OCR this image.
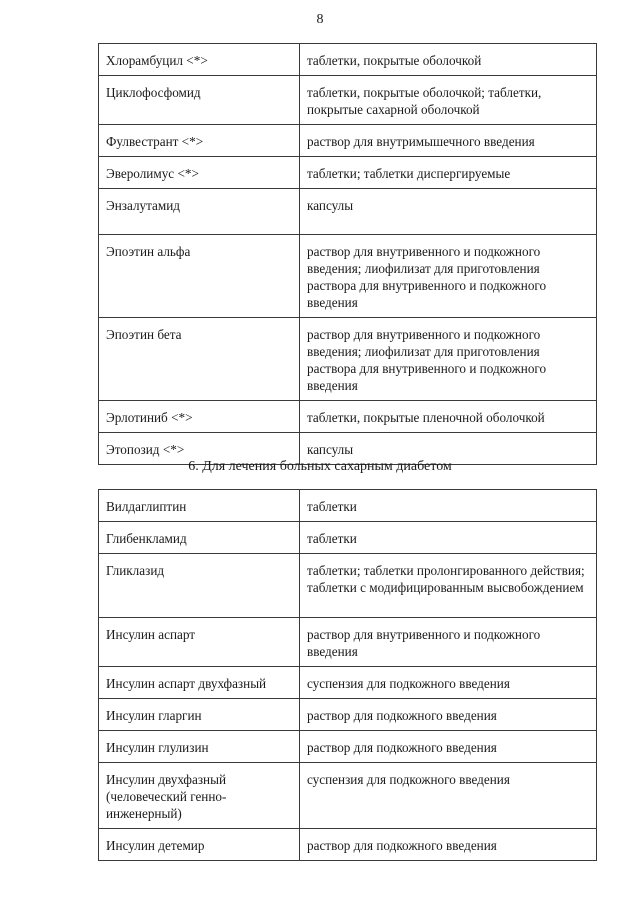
8
Хлорамбуцил <*>	таблетки, покрытые оболочкой
Циклофосфомид	таблетки, покрытые оболочкой; таблетки, покрытые сахарной оболочкой
Фулвестрант <*>	раствор для внутримышечного введения
Эверолимус <*>	таблетки; таблетки диспергируемые
Энзалутамид	капсулы
Эпоэтин альфа	раствор для внутривенного и подкожного введения; лиофилизат для приготовления раствора для внутривенного и подкожного введения
Эпоэтин бета	раствор для внутривенного и подкожного введения; лиофилизат для приготовления раствора для внутривенного и подкожного введения
Эрлотиниб <*>	таблетки, покрытые пленочной оболочкой
Этопозид <*>	капсулы
6. Для лечения больных сахарным диабетом
Вилдаглиптин	таблетки
Глибенкламид	таблетки
Гликлазид	таблетки; таблетки пролонгированного действия; таблетки с модифицированным высвобождением
Инсулин аспарт	раствор для внутривенного и подкожного введения
Инсулин аспарт двухфазный	суспензия для подкожного введения
Инсулин гларгин	раствор для подкожного введения
Инсулин глулизин	раствор для подкожного введения
Инсулин двухфазный (человеческий генно-инженерный)	суспензия для подкожного введения
Инсулин детемир	раствор для подкожного введения
